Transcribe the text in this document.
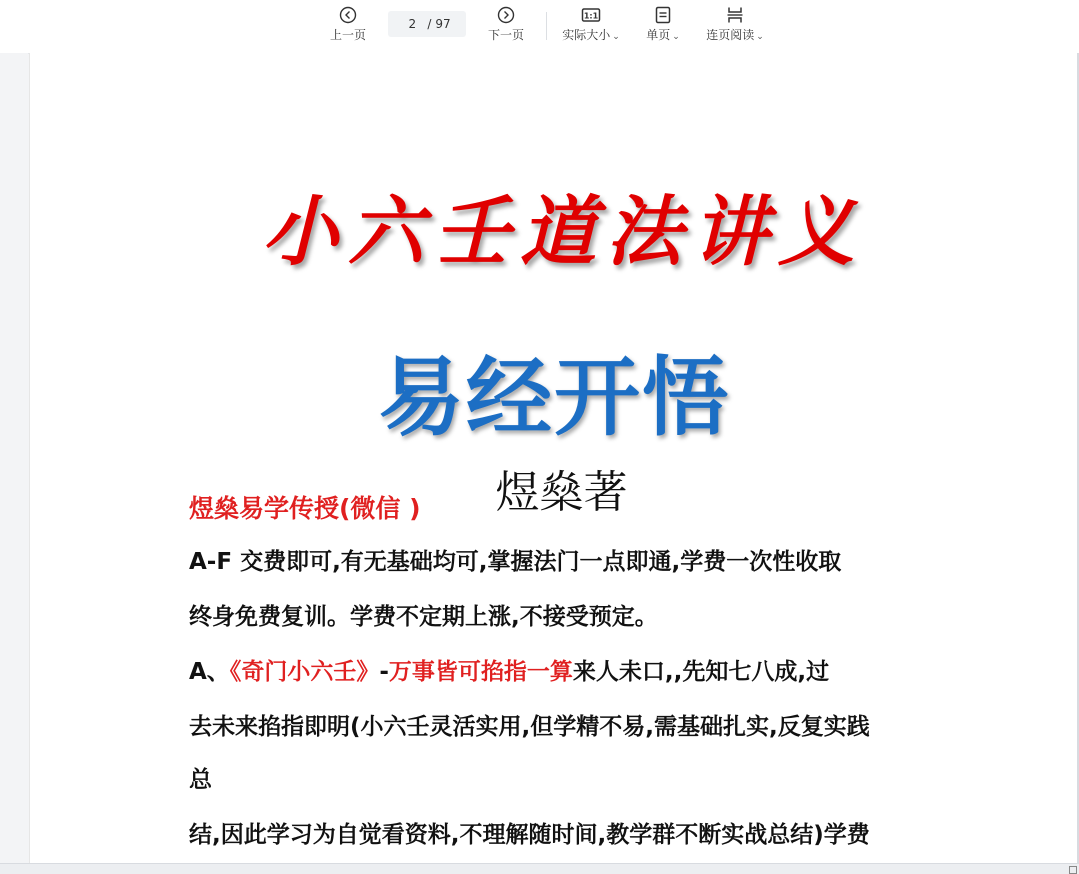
上一页
2 / 97
下一页
1:1
实际大小 ⌄ 单页 ⌄ 连页阅读 ⌄
小六壬道法讲义
易经开悟
煜燊著
煜燊易学传授(微信 )
A-F 交费即可,有无基础均可,掌握法门一点即通,学费一次性收取
终身免费复训。学费不定期上涨,不接受预定。
A、《奇门小六壬》-万事皆可掐指一算来人未口,,先知七八成,过
去未来掐指即明(小六壬灵活实用,但学精不易,需基础扎实,反复实践
总
结,因此学习为自觉看资料,不理解随时间,教学群不断实战总结)学费
